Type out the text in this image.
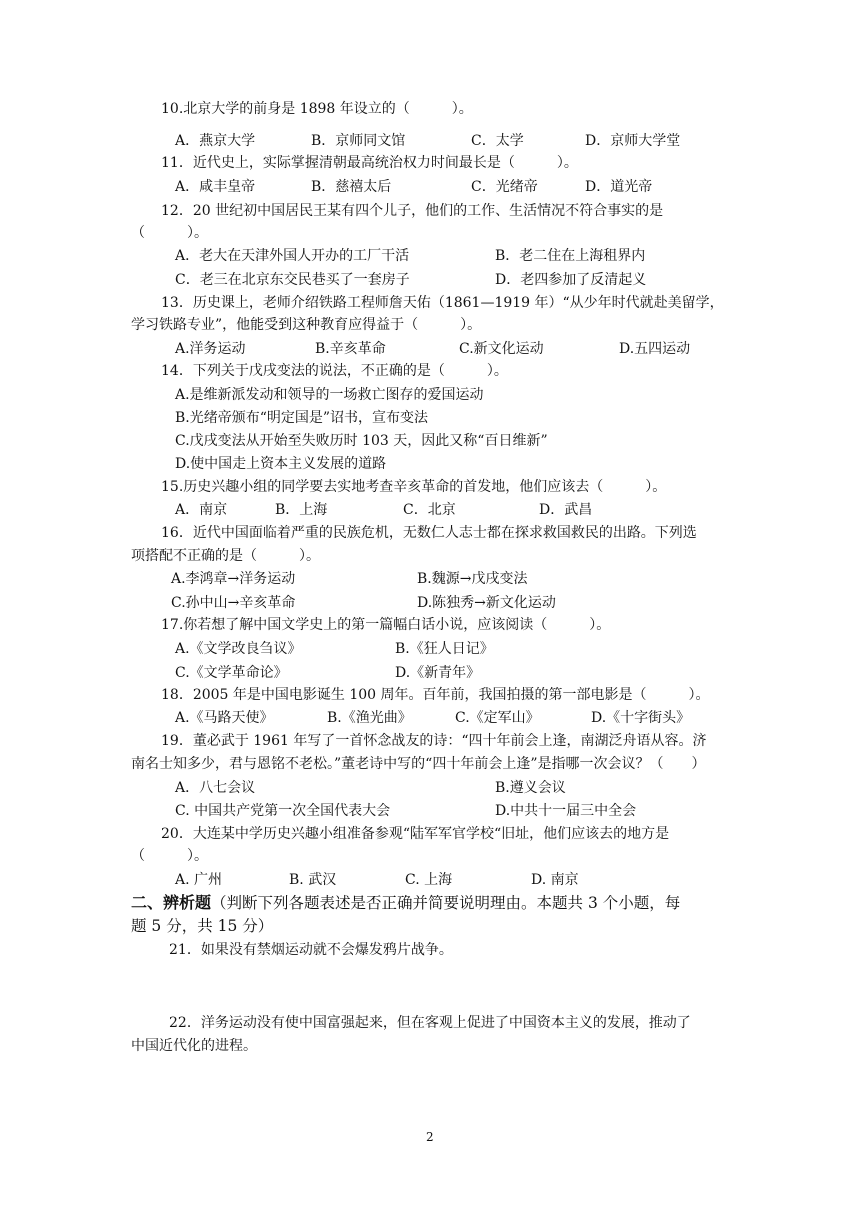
10.北京大学的前身是 1898 年设立的（　　　）。
A．燕京大学	B．京师同文馆	C．太学	D．京师大学堂
11．近代史上，实际掌握清朝最高统治权力时间最长是（　　　）。
A．咸丰皇帝	B．慈禧太后	C．光绪帝	D．道光帝
12．20 世纪初中国居民王某有四个儿子，他们的工作、生活情况不符合事实的是
（　　　）。
A．老大在天津外国人开办的工厂干活	B．老二住在上海租界内
C．老三在北京东交民巷买了一套房子	D．老四参加了反清起义
13．历史课上，老师介绍铁路工程师詹天佑（1861—1919 年）“从少年时代就赴美留学，
学习铁路专业”，他能受到这种教育应得益于（　　　）。
A.洋务运动	B.辛亥革命	C.新文化运动	D.五四运动
14．下列关于戊戌变法的说法，不正确的是（　　　）。
A.是维新派发动和领导的一场救亡图存的爱国运动
B.光绪帝颁布“明定国是”诏书，宣布变法
C.戊戌变法从开始至失败历时 103 天，因此又称“百日维新”
D.使中国走上资本主义发展的道路
15.历史兴趣小组的同学要去实地考查辛亥革命的首发地，他们应该去（　　　）。
A．南京	B．上海	C．北京	D．武昌
16．近代中国面临着严重的民族危机，无数仁人志士都在探求救国救民的出路。下列选
项搭配不正确的是（　　　）。
A.李鸿章→洋务运动	B.魏源→戊戌变法
C.孙中山→辛亥革命	D.陈独秀→新文化运动
17.你若想了解中国文学史上的第一篇幅白话小说，应该阅读（　　　）。
A.《文学改良刍议》	B.《狂人日记》
C.《文学革命论》	D.《新青年》
18．2005 年是中国电影诞生 100 周年。百年前，我国拍摄的第一部电影是（　　　）。
A.《马路天使》	B.《渔光曲》	C.《定军山》	D.《十字街头》
19．董必武于 1961 年写了一首怀念战友的诗：“四十年前会上逢，南湖泛舟语从容。济
南名士知多少，君与恩铭不老松。”董老诗中写的“四十年前会上逢”是指哪一次会议？（　　）
A．八七会议	B.遵义会议
C. 中国共产党第一次全国代表大会	D.中共十一届三中全会
20．大连某中学历史兴趣小组准备参观“陆军军官学校“旧址，他们应该去的地方是
（　　　）。
A. 广州	B. 武汉	C. 上海	D. 南京
二、辨析题（判断下列各题表述是否正确并简要说明理由。本题共 3 个小题，每
题 5 分，共 15 分）
21．如果没有禁烟运动就不会爆发鸦片战争。
22．洋务运动没有使中国富强起来，但在客观上促进了中国资本主义的发展，推动了
中国近代化的进程。
2
